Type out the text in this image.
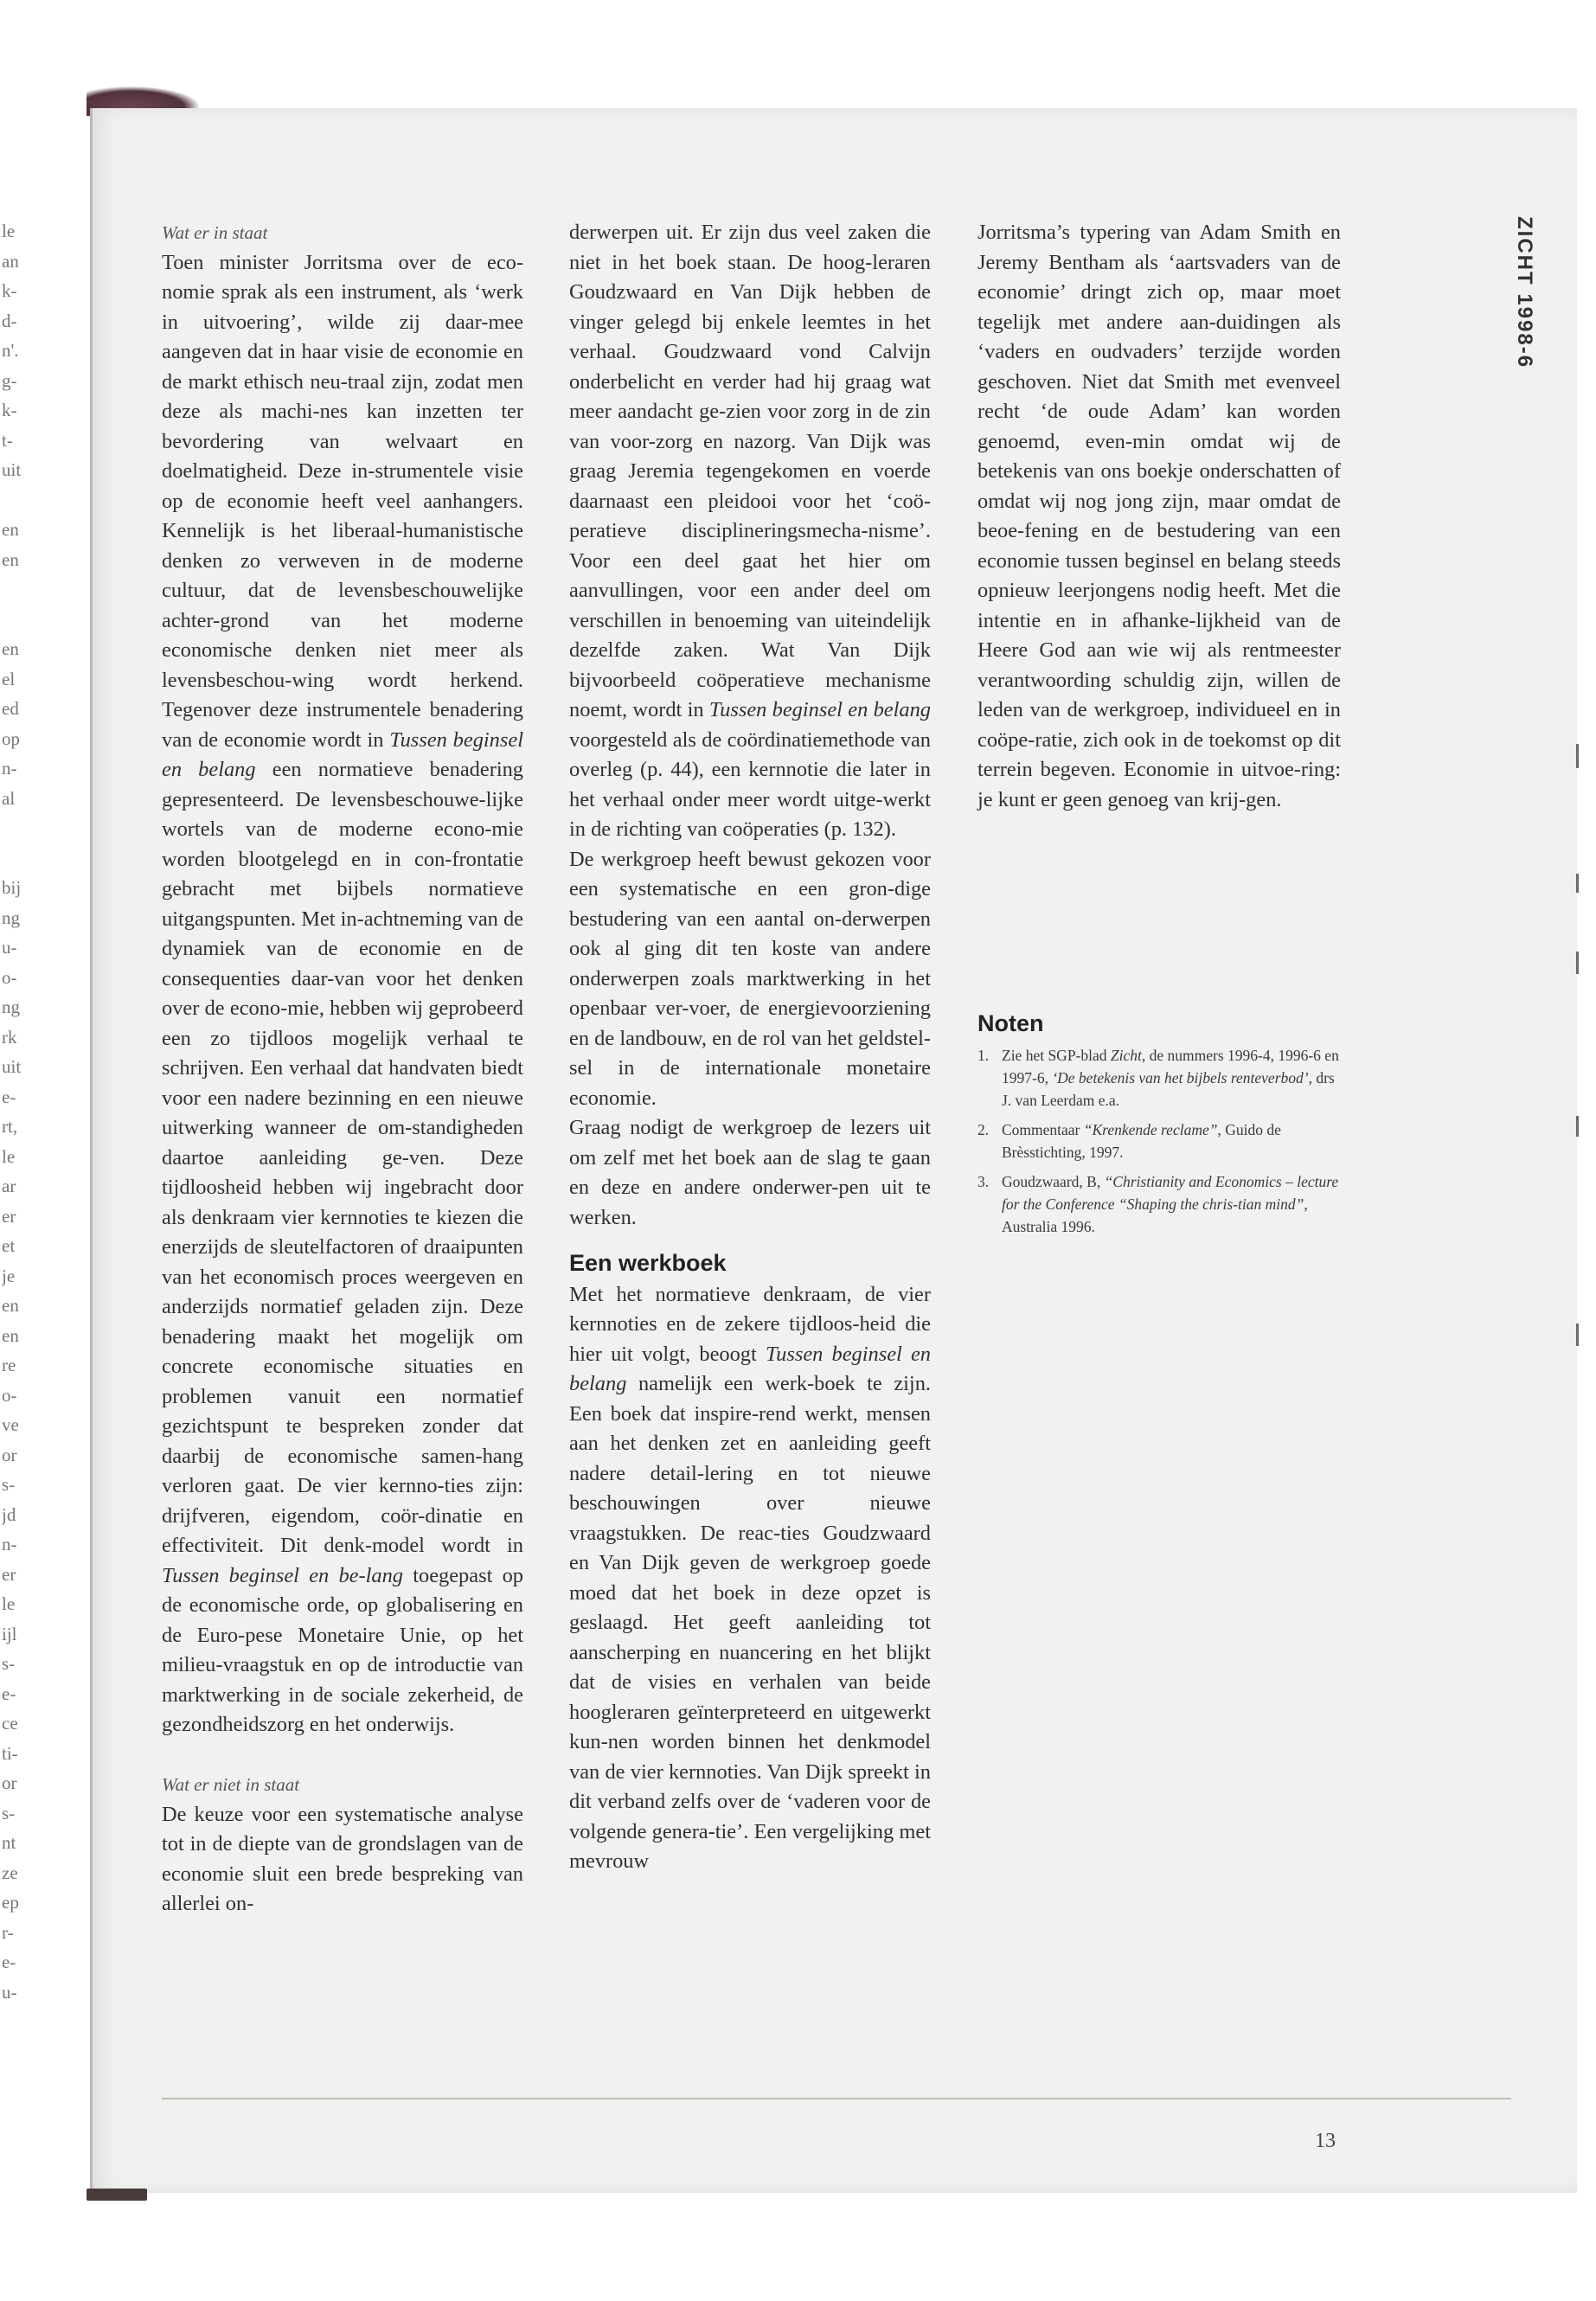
le
an
k-
d-
n'.
g-
k-
t-
uit
en
en
en
el
ed
op
n-
al
bij
ng
u-
o-
ng
rk
uit
e-
rt,
le
ar
er
et
je
en
en
re
o-
ve
or
s-
jd
n-
er
le
ijl
s-
e-
ce
ti-
or
s-
nt
ze
ep
r-
e-
u-

Wat er in staat

Toen minister Jorritsma over de eco-nomie sprak als een instrument, als ‘werk in uitvoering’, wilde zij daar-mee aangeven dat in haar visie de economie en de markt ethisch neu-traal zijn, zodat men deze als machi-nes kan inzetten ter bevordering van welvaart en doelmatigheid. Deze in-strumentele visie op de economie heeft veel aanhangers. Kennelijk is het liberaal-humanistische denken zo verweven in de moderne cultuur, dat de levensbeschouwelijke achter-grond van het moderne economische denken niet meer als levensbeschou-wing wordt herkend. Tegenover deze instrumentele benadering van de economie wordt in Tussen beginsel en belang een normatieve benadering gepresenteerd. De levensbeschouwe-lijke wortels van de moderne econo-mie worden blootgelegd en in con-frontatie gebracht met bijbels normatieve uitgangspunten. Met in-achtneming van de dynamiek van de economie en de consequenties daar-van voor het denken over de econo-mie, hebben wij geprobeerd een zo tijdloos mogelijk verhaal te schrijven. Een verhaal dat handvaten biedt voor een nadere bezinning en een nieuwe uitwerking wanneer de om-standigheden daartoe aanleiding ge-ven. Deze tijdloosheid hebben wij ingebracht door als denkraam vier kernnoties te kiezen die enerzijds de sleutelfactoren of draaipunten van het economisch proces weergeven en anderzijds normatief geladen zijn. Deze benadering maakt het mogelijk om concrete economische situaties en problemen vanuit een normatief gezichtspunt te bespreken zonder dat daarbij de economische samen-hang verloren gaat. De vier kernno-ties zijn: drijfveren, eigendom, coör-dinatie en effectiviteit. Dit denk-model wordt in Tussen beginsel en be-lang toegepast op de economische orde, op globalisering en de Euro-pese Monetaire Unie, op het milieu-vraagstuk en op de introductie van marktwerking in de sociale zekerheid, de gezondheidszorg en het onderwijs.

Wat er niet in staat

De keuze voor een systematische analyse tot in de diepte van de grondslagen van de economie sluit een brede bespreking van allerlei on-

derwerpen uit. Er zijn dus veel zaken die niet in het boek staan. De hoog-leraren Goudzwaard en Van Dijk hebben de vinger gelegd bij enkele leemtes in het verhaal. Goudzwaard vond Calvijn onderbelicht en verder had hij graag wat meer aandacht ge-zien voor zorg in de zin van voor-zorg en nazorg. Van Dijk was graag Jeremia tegengekomen en voerde daarnaast een pleidooi voor het ‘coö-peratieve disciplineringsmecha-nisme’. Voor een deel gaat het hier om aanvullingen, voor een ander deel om verschillen in benoeming van uiteindelijk dezelfde zaken. Wat Van Dijk bijvoorbeeld coöperatieve mechanisme noemt, wordt in Tussen beginsel en belang voorgesteld als de coördinatiemethode van overleg (p. 44), een kernnotie die later in het verhaal onder meer wordt uitge-werkt in de richting van coöperaties (p. 132).

De werkgroep heeft bewust gekozen voor een systematische en een gron-dige bestudering van een aantal on-derwerpen ook al ging dit ten koste van andere onderwerpen zoals marktwerking in het openbaar ver-voer, de energievoorziening en de landbouw, en de rol van het geldstel-sel in de internationale monetaire economie.

Graag nodigt de werkgroep de lezers uit om zelf met het boek aan de slag te gaan en deze en andere onderwer-pen uit te werken.

Een werkboek

Met het normatieve denkraam, de vier kernnoties en de zekere tijdloos-heid die hier uit volgt, beoogt Tussen beginsel en belang namelijk een werk-boek te zijn. Een boek dat inspire-rend werkt, mensen aan het denken zet en aanleiding geeft nadere detail-lering en tot nieuwe beschouwingen over nieuwe vraagstukken. De reac-ties Goudzwaard en Van Dijk geven de werkgroep goede moed dat het boek in deze opzet is geslaagd. Het geeft aanleiding tot aanscherping en nuancering en het blijkt dat de visies en verhalen van beide hoogleraren geïnterpreteerd en uitgewerkt kun-nen worden binnen het denkmodel van de vier kernnoties. Van Dijk spreekt in dit verband zelfs over de ‘vaderen voor de volgende genera-tie’. Een vergelijking met mevrouw

Jorritsma’s typering van Adam Smith en Jeremy Bentham als ‘aartsvaders van de economie’ dringt zich op, maar moet tegelijk met andere aan-duidingen als ‘vaders en oudvaders’ terzijde worden geschoven. Niet dat Smith met evenveel recht ‘de oude Adam’ kan worden genoemd, even-min omdat wij de betekenis van ons boekje onderschatten of omdat wij nog jong zijn, maar omdat de beoe-fening en de bestudering van een economie tussen beginsel en belang steeds opnieuw leerjongens nodig heeft. Met die intentie en in afhanke-lijkheid van de Heere God aan wie wij als rentmeester verantwoording schuldig zijn, willen de leden van de werkgroep, individueel en in coöpe-ratie, zich ook in de toekomst op dit terrein begeven. Economie in uitvoe-ring: je kunt er geen genoeg van krij-gen.

Noten
1. Zie het SGP-blad Zicht, de nummers 1996-4, 1996-6 en 1997-6, ‘De betekenis van het bijbels renteverbod’, drs J. van Leerdam e.a.
2. Commentaar “Krenkende reclame”, Guido de Brèsstichting, 1997.
3. Goudzwaard, B, “Christianity and Economics – lecture for the Conference “Shaping the chris-tian mind”, Australia 1996.
ZICHT 1998-6
13
